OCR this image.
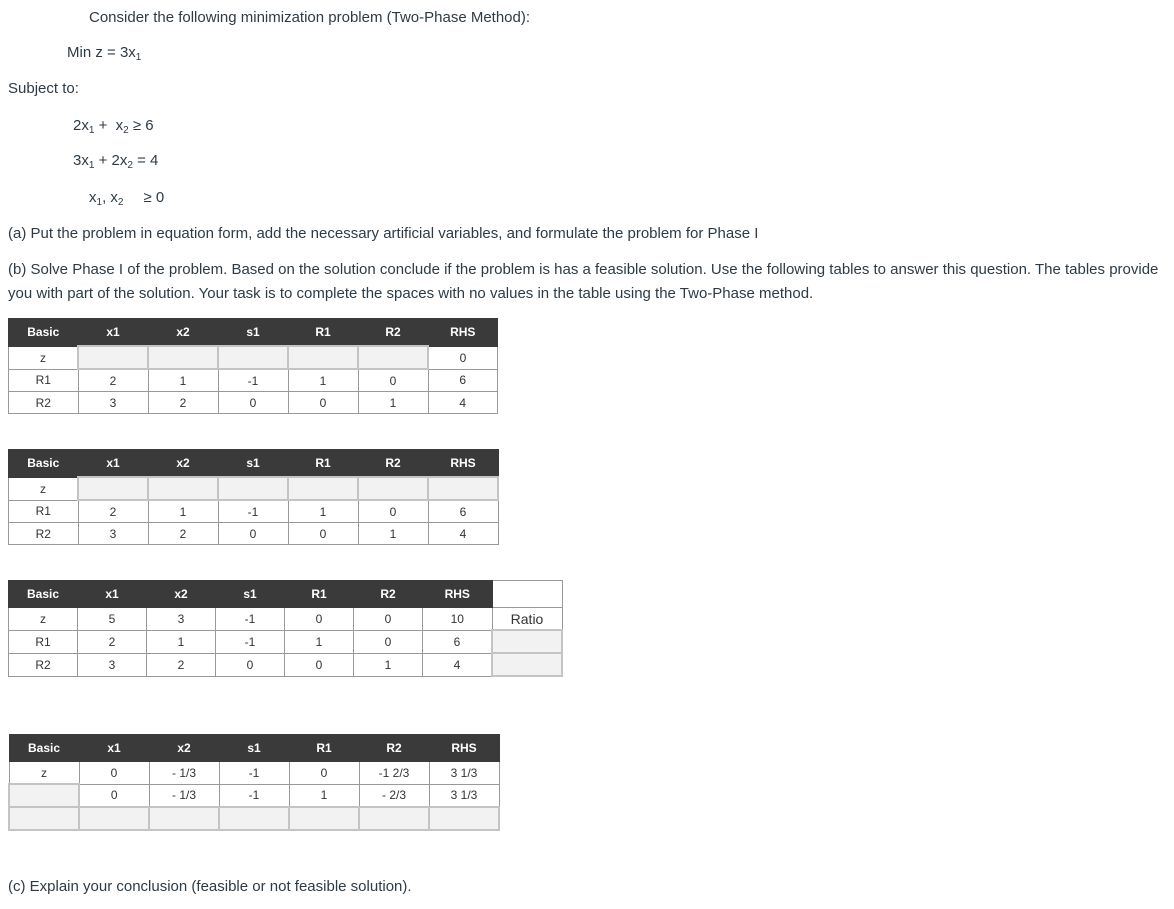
Consider the following minimization problem (Two-Phase Method):
Min $z = 3x_1$
Subject to:
$2x_1 + x_2 \ge 6$
$3x_1 + 2x_2 = 4$
$x_1$, $x_2 \ge 0$
(a) Put the problem in equation form, add the necessary artificial variables, and formulate the problem for Phase I
(b) Solve Phase I of the problem. Based on the solution conclude if the problem is has a feasible solution. Use the following tables to answer this question. The tables provide you with part of the solution. Your task is to complete the spaces with no values in the table using the Two-Phase method.
Basic	x1	x2	s1	R1	R2	RHS
z						0
R1	2	1	-1	1	0	6
R2	3	2	0	0	1	4
Basic	x1	x2	s1	R1	R2	RHS
z						
R1	2	1	-1	1	0	6
R2	3	2	0	0	1	4
Basic	x1	x2	s1	R1	R2	RHS	
z	5	3	-1	0	0	10	Ratio
R1	2	1	-1	1	0	6	
R2	3	2	0	0	1	4	
Basic	x1	x2	s1	R1	R2	RHS
z	0	- 1/3	-1	0	-1 2/3	3 1/3
	0	- 1/3	-1	1	- 2/3	3 1/3

(c) Explain your conclusion (feasible or not feasible solution).
